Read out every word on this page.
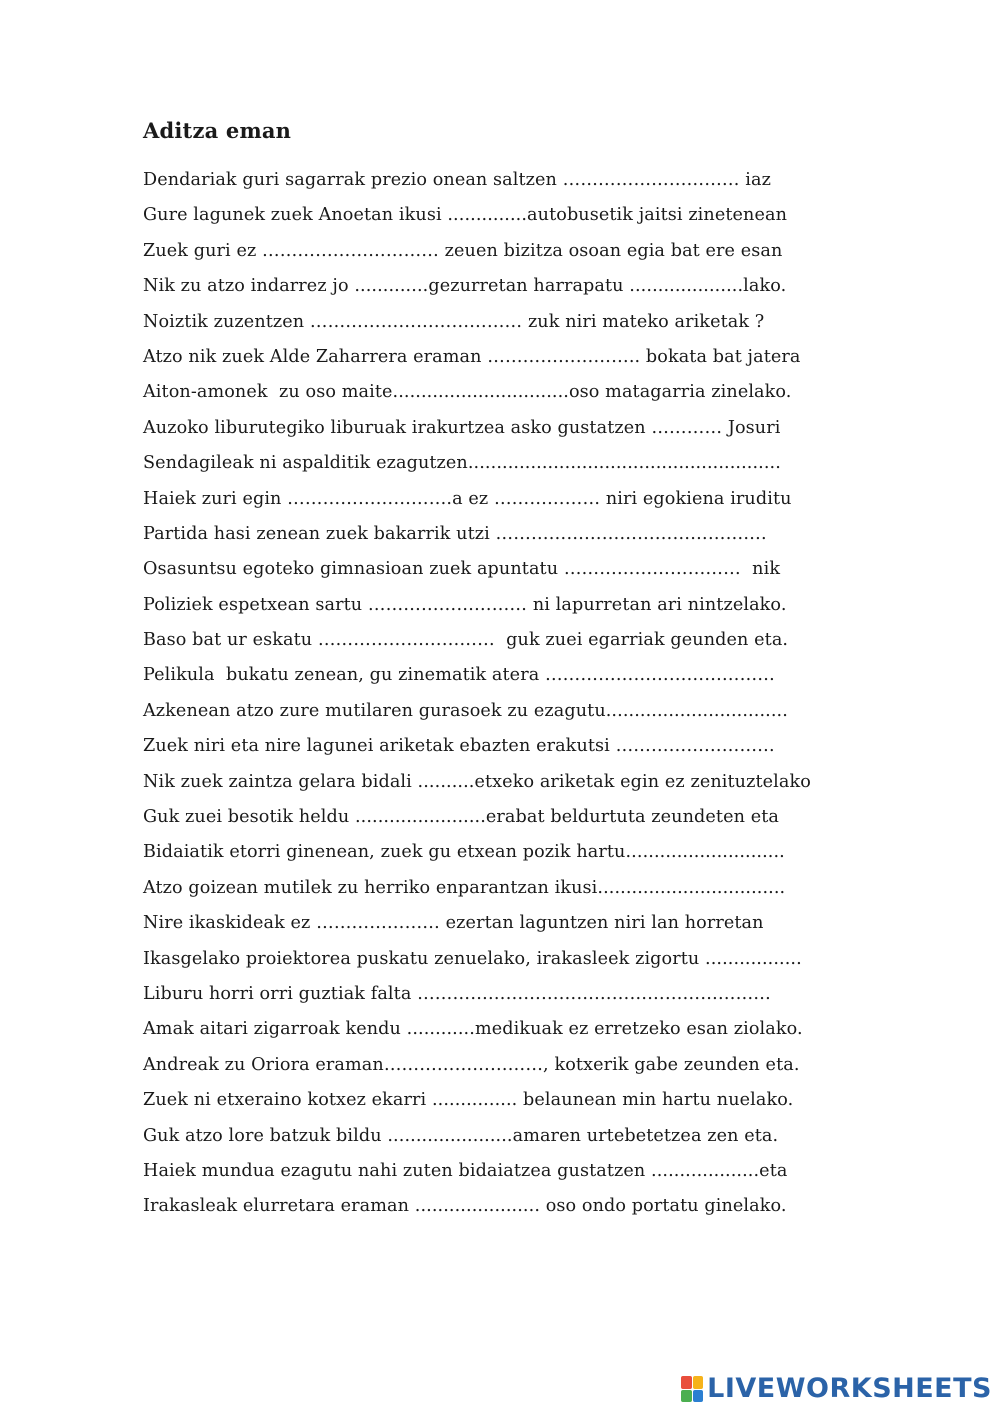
Aditza eman
Dendariak guri sagarrak prezio onean saltzen ………………………… iaz
Gure lagunek zuek Anoetan ikusi ..............autobusetik jaitsi zinetenean
Zuek guri ez ………………………… zeuen bizitza osoan egia bat ere esan
Nik zu atzo indarrez jo .............gezurretan harrapatu ....................lako.
Noiztik zuzentzen ……………………………… zuk niri mateko ariketak ?
Atzo nik zuek Alde Zaharrera eraman …………………….. bokata bat jatera
Aiton-amonek  zu oso maite...............................oso matagarria zinelako.
Auzoko liburutegiko liburuak irakurtzea asko gustatzen ………… Josuri
Sendagileak ni aspalditik ezagutzen.......................................................
Haiek zuri egin ……………………….a ez ……………… niri egokiena iruditu
Partida hasi zenean zuek bakarrik utzi ……………………………………….
Osasuntsu egoteko gimnasioan zuek apuntatu …………………………  nik
Poliziek espetxean sartu ……………………… ni lapurretan ari nintzelako.
Baso bat ur eskatu …………………………  guk zuei egarriak geunden eta.
Pelikula  bukatu zenean, gu zinematik atera …………………………………
Azkenean atzo zure mutilaren gurasoek zu ezagutu................................
Zuek niri eta nire lagunei ariketak ebazten erakutsi ………………………
Nik zuek zaintza gelara bidali ..........etxeko ariketak egin ez zenituztelako
Guk zuei besotik heldu .......................erabat beldurtuta zeundeten eta
Bidaiatik etorri ginenean, zuek gu etxean pozik hartu............................
Atzo goizean mutilek zu herriko enparantzan ikusi.................................
Nire ikaskideak ez ………………… ezertan laguntzen niri lan horretan
Ikasgelako proiektorea puskatu zenuelako, irakasleek zigortu .................
Liburu horri orri guztiak falta ……………………………………………………
Amak aitari zigarroak kendu ............medikuak ez erretzeko esan ziolako.
Andreak zu Oriora eraman………………………, kotxerik gabe zeunden eta.
Zuek ni etxeraino kotxez ekarri ............... belaunean min hartu nuelako.
Guk atzo lore batzuk bildu ......................amaren urtebetetzea zen eta.
Haiek mundua ezagutu nahi zuten bidaiatzea gustatzen ...................eta
Irakasleak elurretara eraman ...................... oso ondo portatu ginelako.
LIVEWORKSHEETS
